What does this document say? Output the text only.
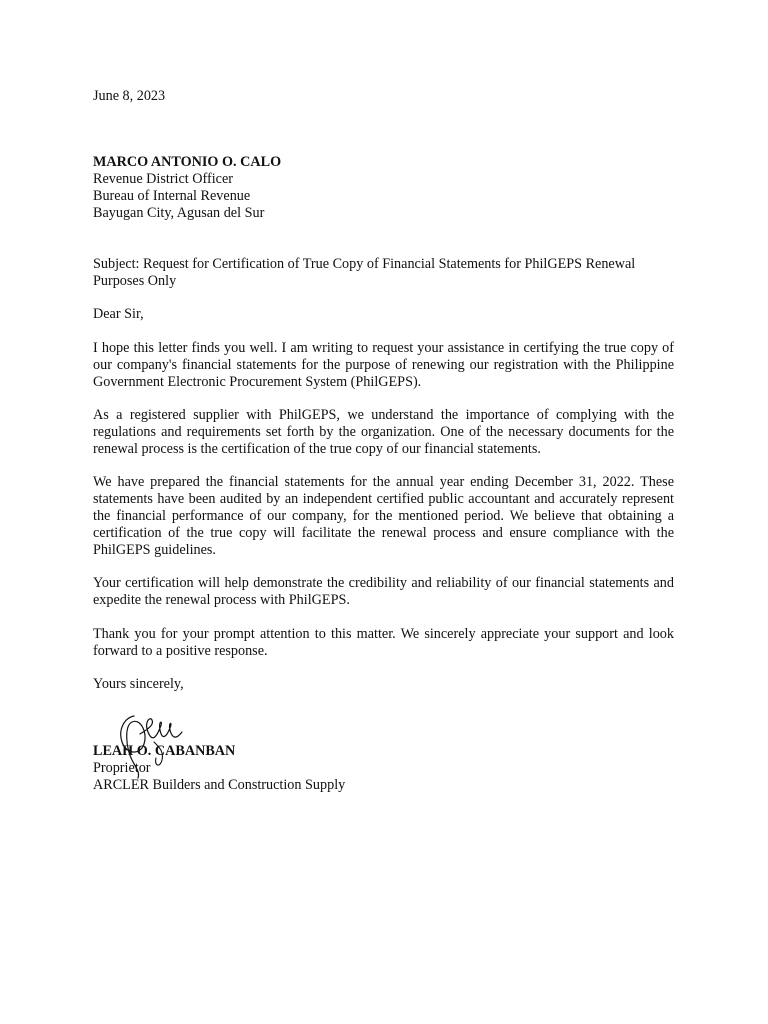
June 8, 2023
MARCO ANTONIO O. CALO
Revenue District Officer
Bureau of Internal Revenue
Bayugan City, Agusan del Sur
Subject: Request for Certification of True Copy of Financial Statements for PhilGEPS Renewal Purposes Only
Dear Sir,
I hope this letter finds you well. I am writing to request your assistance in certifying the true copy of our company's financial statements for the purpose of renewing our registration with the Philippine Government Electronic Procurement System (PhilGEPS).
As a registered supplier with PhilGEPS, we understand the importance of complying with the regulations and requirements set forth by the organization. One of the necessary documents for the renewal process is the certification of the true copy of our financial statements.
We have prepared the financial statements for the annual year ending December 31, 2022. These statements have been audited by an independent certified public accountant and accurately represent the financial performance of our company, for the mentioned period. We believe that obtaining a certification of the true copy will facilitate the renewal process and ensure compliance with the PhilGEPS guidelines.
Your certification will help demonstrate the credibility and reliability of our financial statements and expedite the renewal process with PhilGEPS.
Thank you for your prompt attention to this matter. We sincerely appreciate your support and look forward to a positive response.
Yours sincerely,
LEAH O. CABANBAN
Proprietor
ARCLER Builders and Construction Supply
